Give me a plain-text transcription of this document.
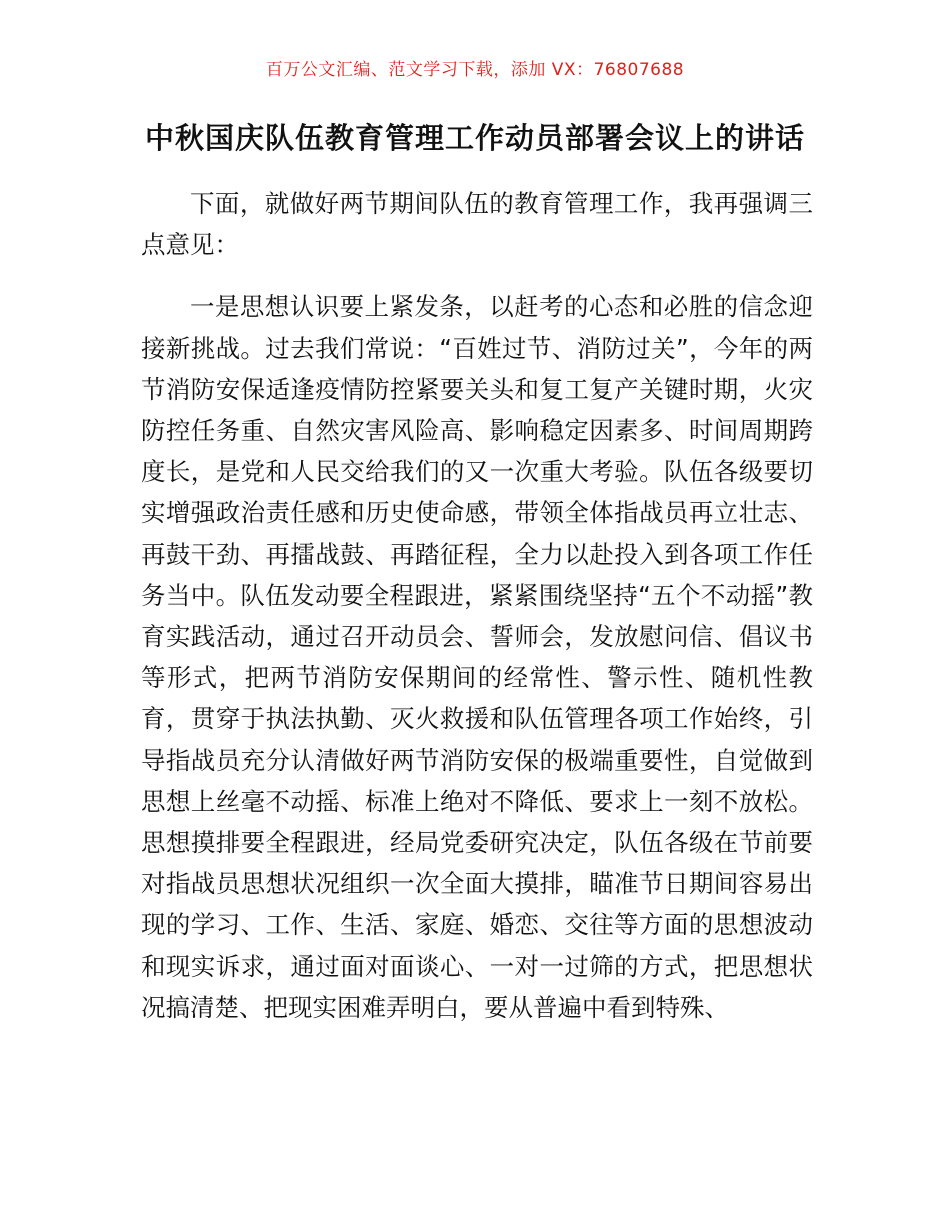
百万公文汇编、范文学习下载，添加 VX：76807688
中秋国庆队伍教育管理工作动员部署会议上的讲话

下面，就做好两节期间队伍的教育管理工作，我再强调三点意见：

一是思想认识要上紧发条，以赶考的心态和必胜的信念迎接新挑战。过去我们常说：“百姓过节、消防过关”，今年的两节消防安保适逢疫情防控紧要关头和复工复产关键时期，火灾防控任务重、自然灾害风险高、影响稳定因素多、时间周期跨度长，是党和人民交给我们的又一次重大考验。队伍各级要切实增强政治责任感和历史使命感，带领全体指战员再立壮志、再鼓干劲、再擂战鼓、再踏征程，全力以赴投入到各项工作任务当中。队伍发动要全程跟进，紧紧围绕坚持“五个不动摇”教育实践活动，通过召开动员会、誓师会，发放慰问信、倡议书等形式，把两节消防安保期间的经常性、警示性、随机性教育，贯穿于执法执勤、灭火救援和队伍管理各项工作始终，引导指战员充分认清做好两节消防安保的极端重要性，自觉做到思想上丝毫不动摇、标准上绝对不降低、要求上一刻不放松。思想摸排要全程跟进，经局党委研究决定，队伍各级在节前要对指战员思想状况组织一次全面大摸排，瞄准节日期间容易出现的学习、工作、生活、家庭、婚恋、交往等方面的思想波动和现实诉求，通过面对面谈心、一对一过筛的方式，把思想状况搞清楚、把现实困难弄明白，要从普遍中看到特殊、
